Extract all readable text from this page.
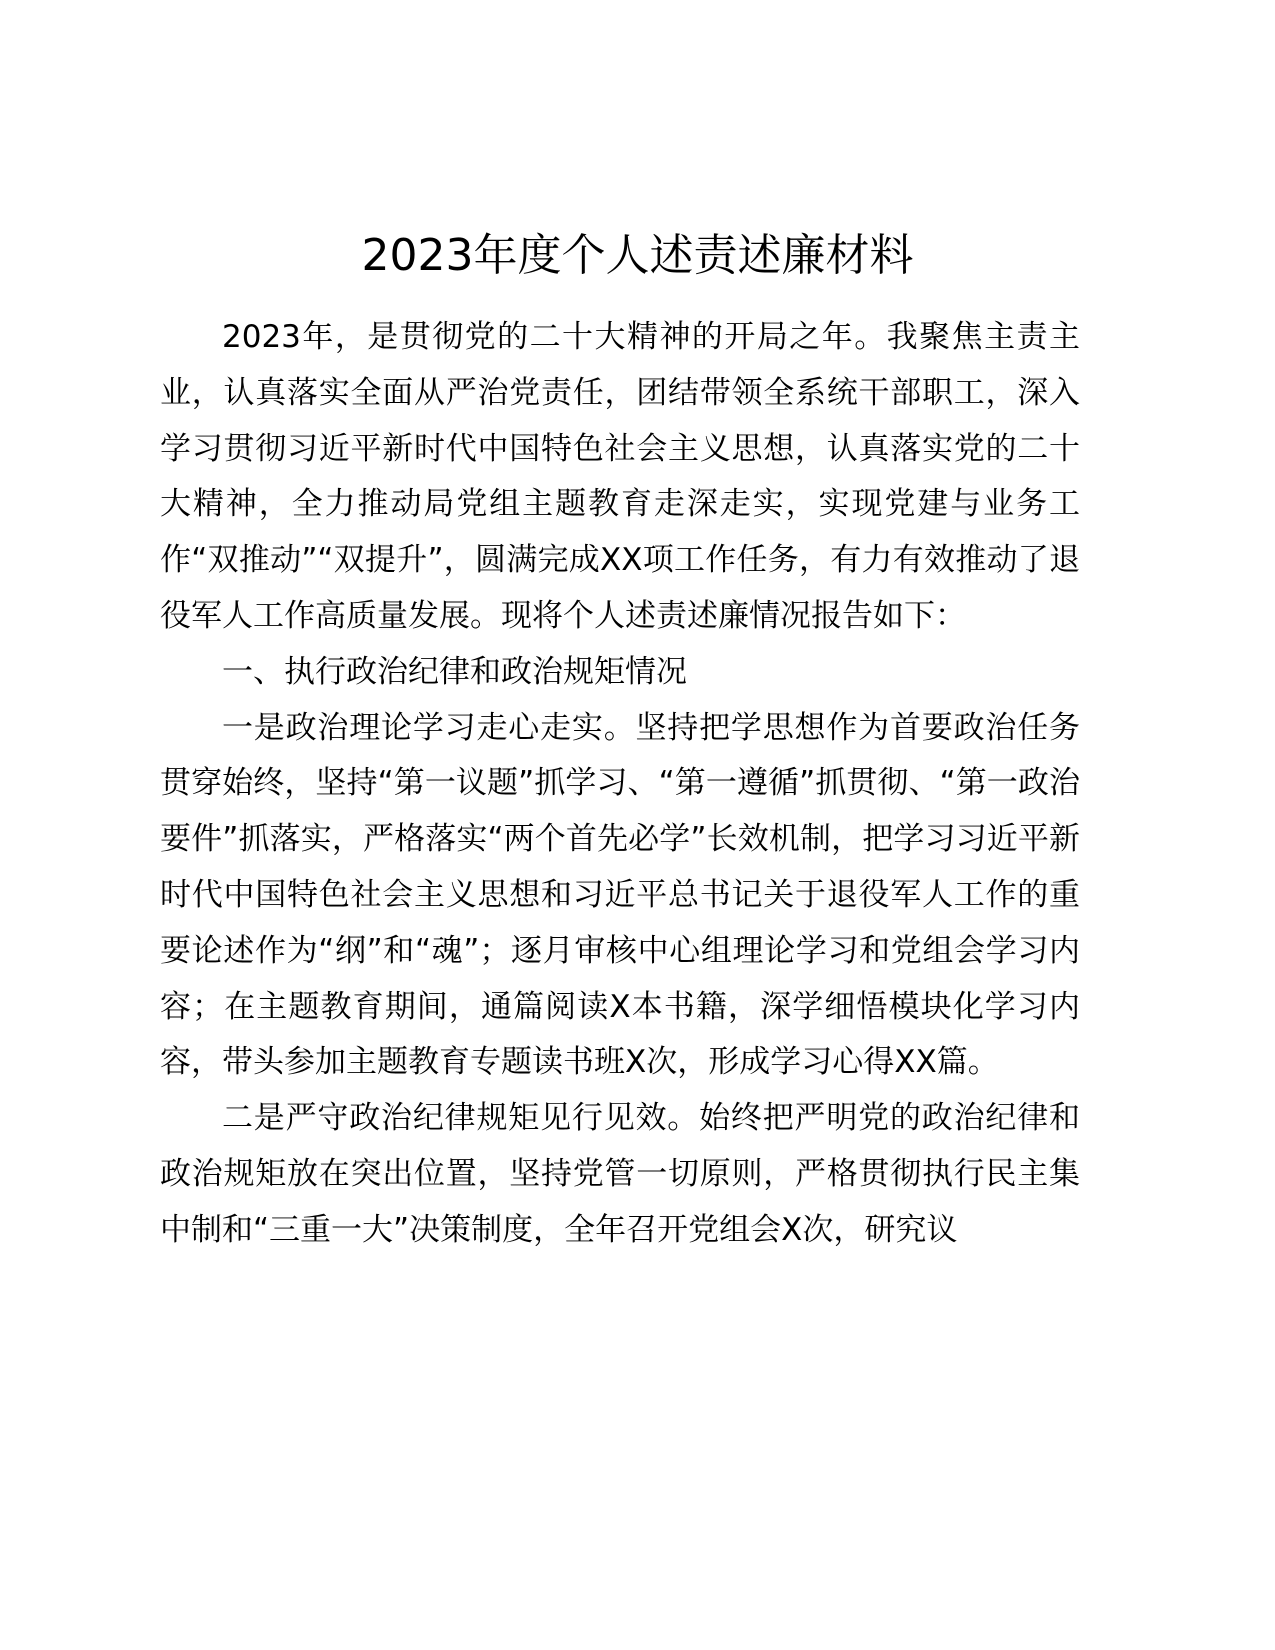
2023年度个人述责述廉材料

2023年，是贯彻党的二十大精神的开局之年。我聚焦主责主业，认真落实全面从严治党责任，团结带领全系统干部职工，深入学习贯彻习近平新时代中国特色社会主义思想，认真落实党的二十大精神，全力推动局党组主题教育走深走实，实现党建与业务工作“双推动”“双提升”，圆满完成XX项工作任务，有力有效推动了退役军人工作高质量发展。现将个人述责述廉情况报告如下：

一、执行政治纪律和政治规矩情况

一是政治理论学习走心走实。坚持把学思想作为首要政治任务贯穿始终，坚持“第一议题”抓学习、“第一遵循”抓贯彻、“第一政治要件”抓落实，严格落实“两个首先必学”长效机制，把学习习近平新时代中国特色社会主义思想和习近平总书记关于退役军人工作的重要论述作为“纲”和“魂”；逐月审核中心组理论学习和党组会学习内容；在主题教育期间，通篇阅读X本书籍，深学细悟模块化学习内容，带头参加主题教育专题读书班X次，形成学习心得XX篇。

二是严守政治纪律规矩见行见效。始终把严明党的政治纪律和政治规矩放在突出位置，坚持党管一切原则，严格贯彻执行民主集中制和“三重一大”决策制度，全年召开党组会X次，研究议
